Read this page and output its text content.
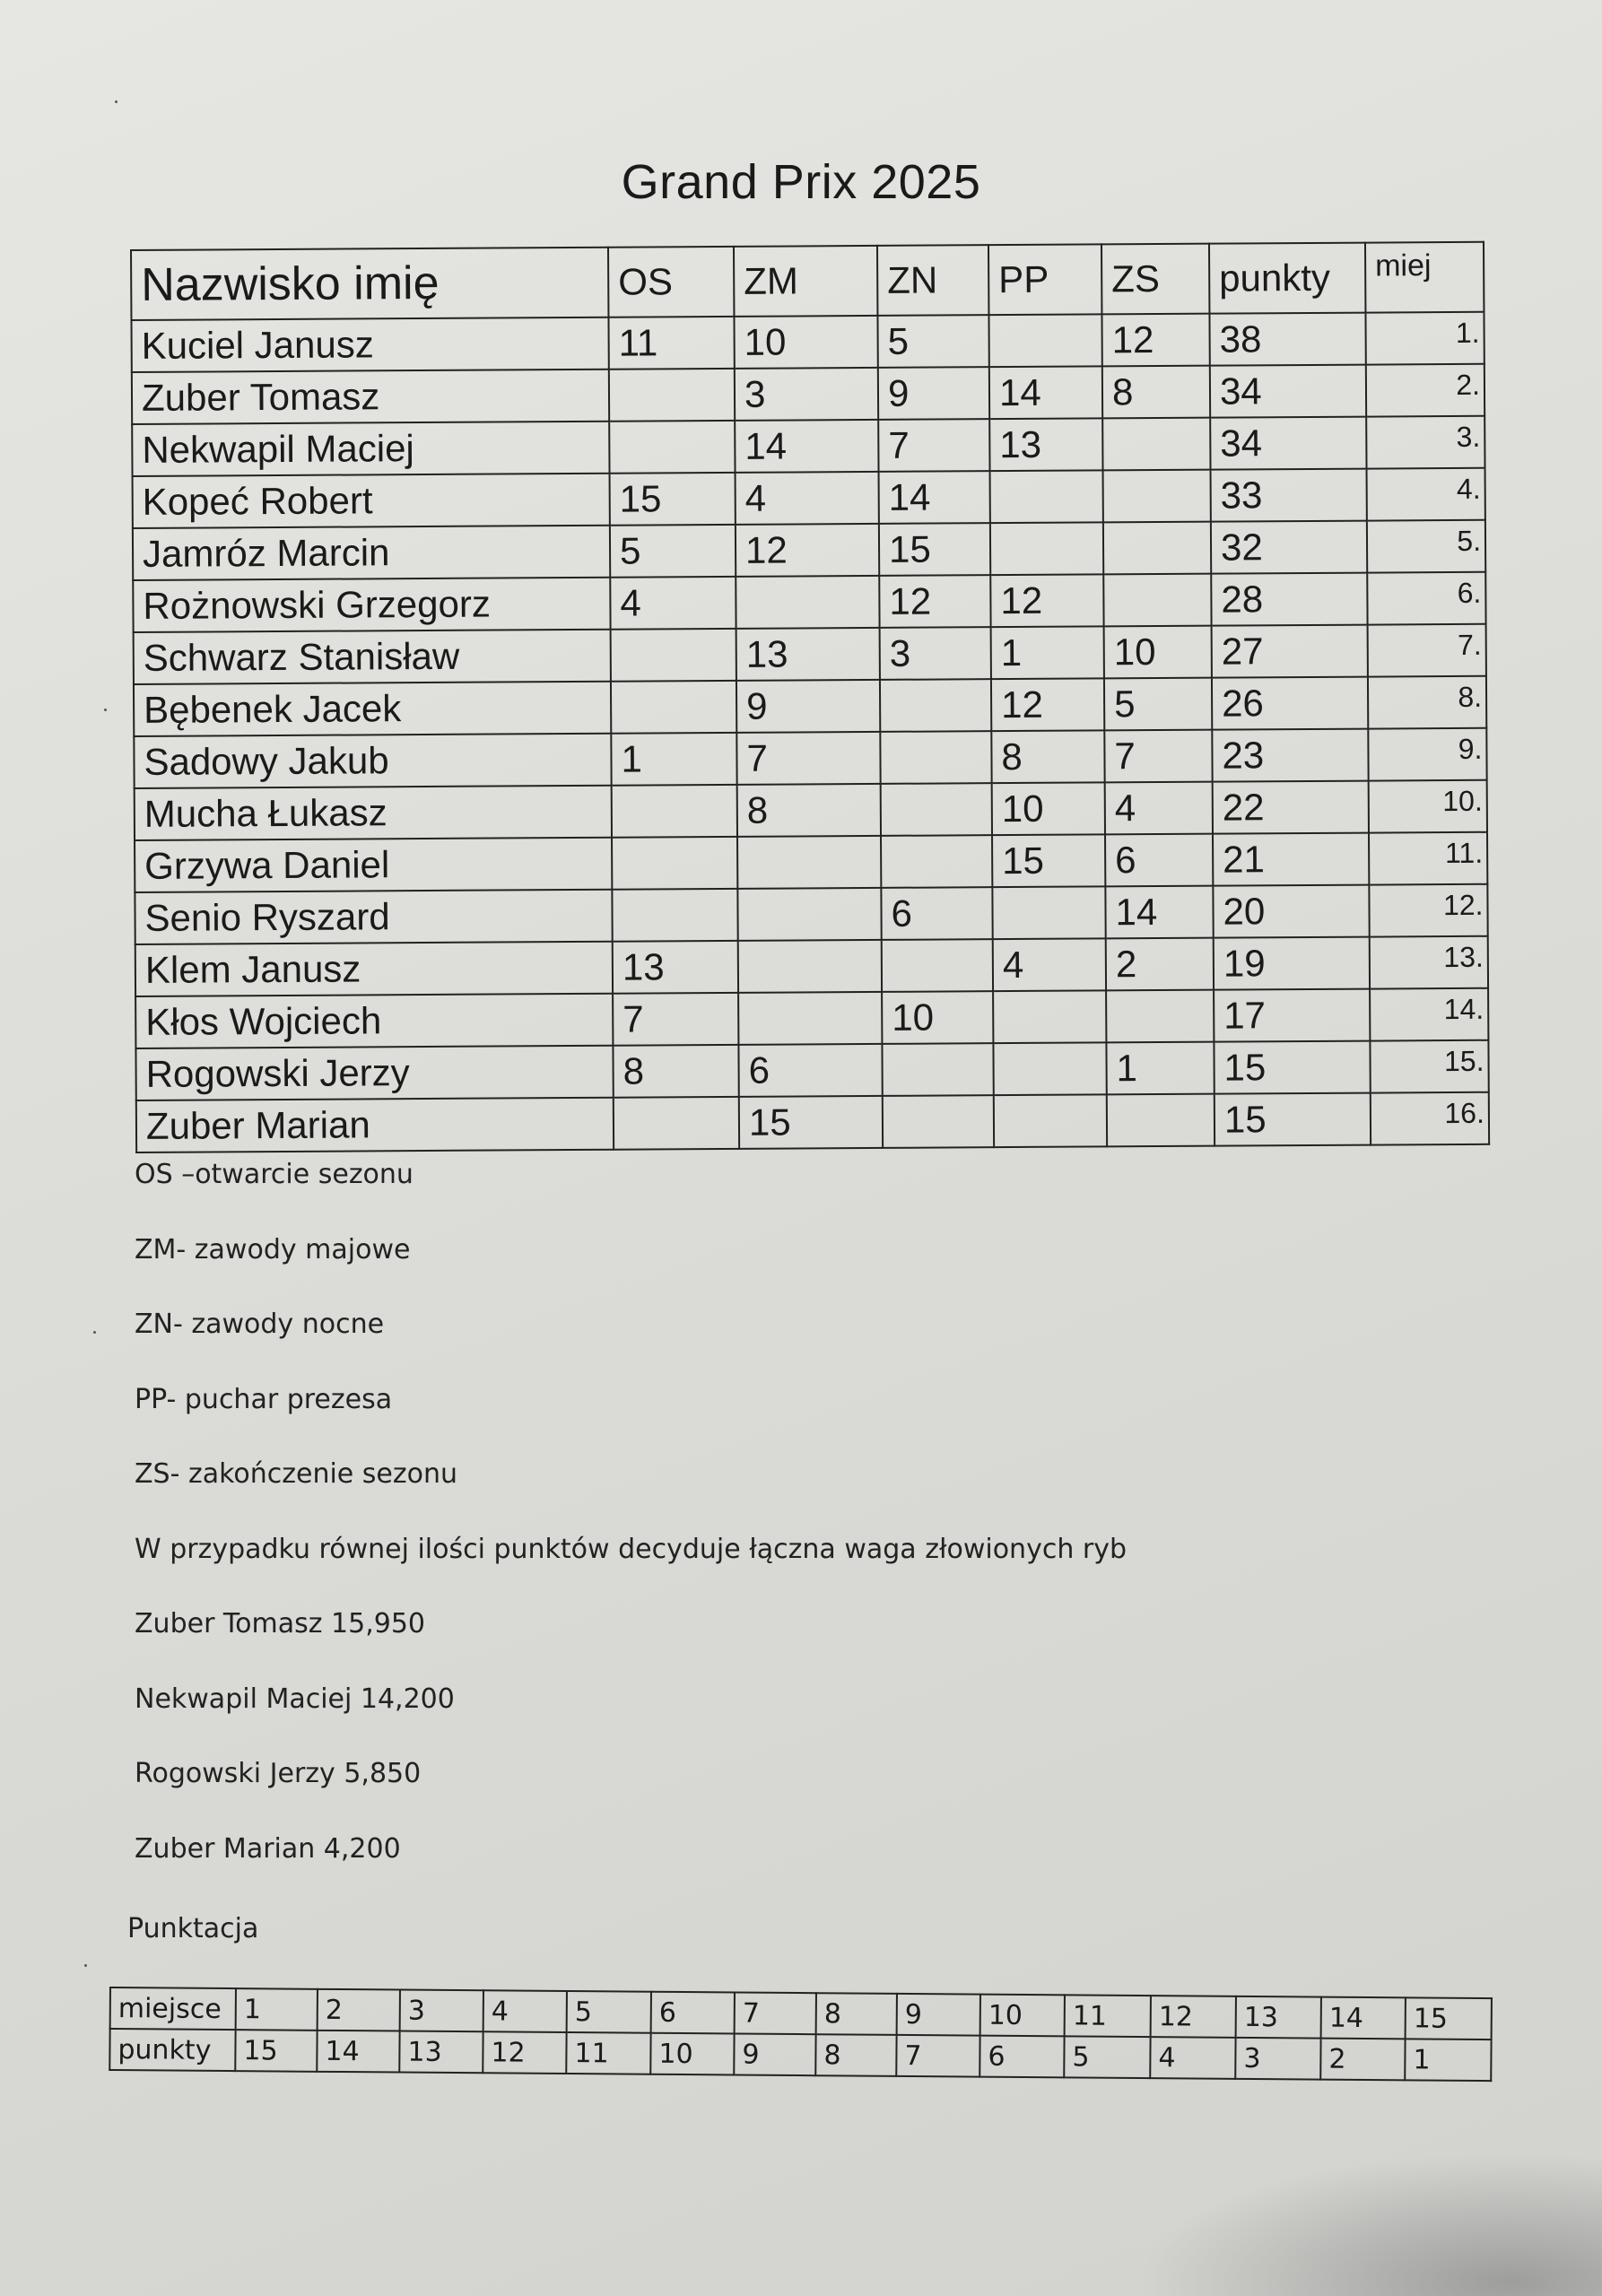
Grand Prix 2025
Nazwisko imię	OS	ZM	ZN	PP	ZS	punkty	miej
Kuciel Janusz	11	10	5		12	38	1.
Zuber Tomasz		3	9	14	8	34	2.
Nekwapil Maciej		14	7	13		34	3.
Kopeć Robert	15	4	14			33	4.
Jamróz Marcin	5	12	15			32	5.
Rożnowski Grzegorz	4		12	12		28	6.
Schwarz Stanisław		13	3	1	10	27	7.
Bębenek Jacek		9		12	5	26	8.
Sadowy Jakub	1	7		8	7	23	9.
Mucha Łukasz		8		10	4	22	10.
Grzywa Daniel				15	6	21	11.
Senio Ryszard			6		14	20	12.
Klem Janusz	13			4	2	19	13.
Kłos Wojciech	7		10			17	14.
Rogowski Jerzy	8	6			1	15	15.
Zuber Marian		15				15	16.
OS –otwarcie sezonu
ZM- zawody majowe
ZN- zawody nocne
PP- puchar prezesa
ZS- zakończenie sezonu
W przypadku równej ilości punktów decyduje łączna waga złowionych ryb
Zuber Tomasz 15,950
Nekwapil Maciej 14,200
Rogowski Jerzy 5,850
Zuber Marian 4,200
Punktacja
miejsce	1	2	3	4	5	6	7	8	9	10	11	12	13	14	15
punkty	15	14	13	12	11	10	9	8	7	6	5	4	3	2	1
